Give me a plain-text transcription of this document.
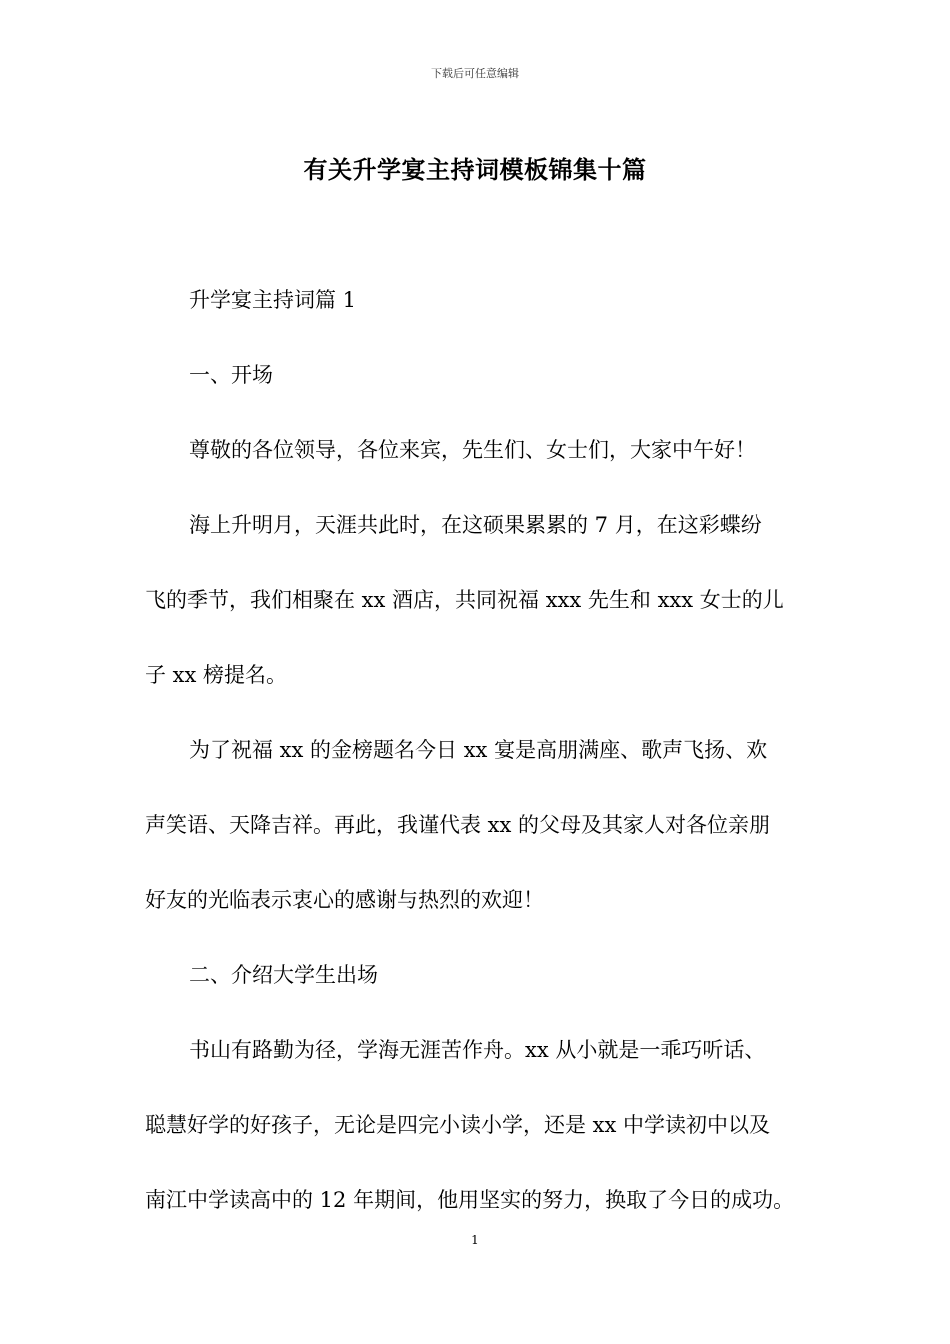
下载后可任意编辑
有关升学宴主持词模板锦集十篇

升学宴主持词篇 1

一、开场

尊敬的各位领导，各位来宾，先生们、女士们，大家中午好！

海上升明月，天涯共此时，在这硕果累累的 7 月，在这彩蝶纷

飞的季节，我们相聚在 xx 酒店，共同祝福 xxx 先生和 xxx 女士的儿

子 xx 榜提名。

为了祝福 xx 的金榜题名今日 xx 宴是高朋满座、歌声飞扬、欢

声笑语、天降吉祥。再此，我谨代表 xx 的父母及其家人对各位亲朋

好友的光临表示衷心的感谢与热烈的欢迎！

二、介绍大学生出场

书山有路勤为径，学海无涯苦作舟。xx 从小就是一乖巧听话、

聪慧好学的好孩子，无论是四完小读小学，还是 xx 中学读初中以及

南江中学读高中的 12 年期间，他用坚实的努力，换取了今日的成功。

1
